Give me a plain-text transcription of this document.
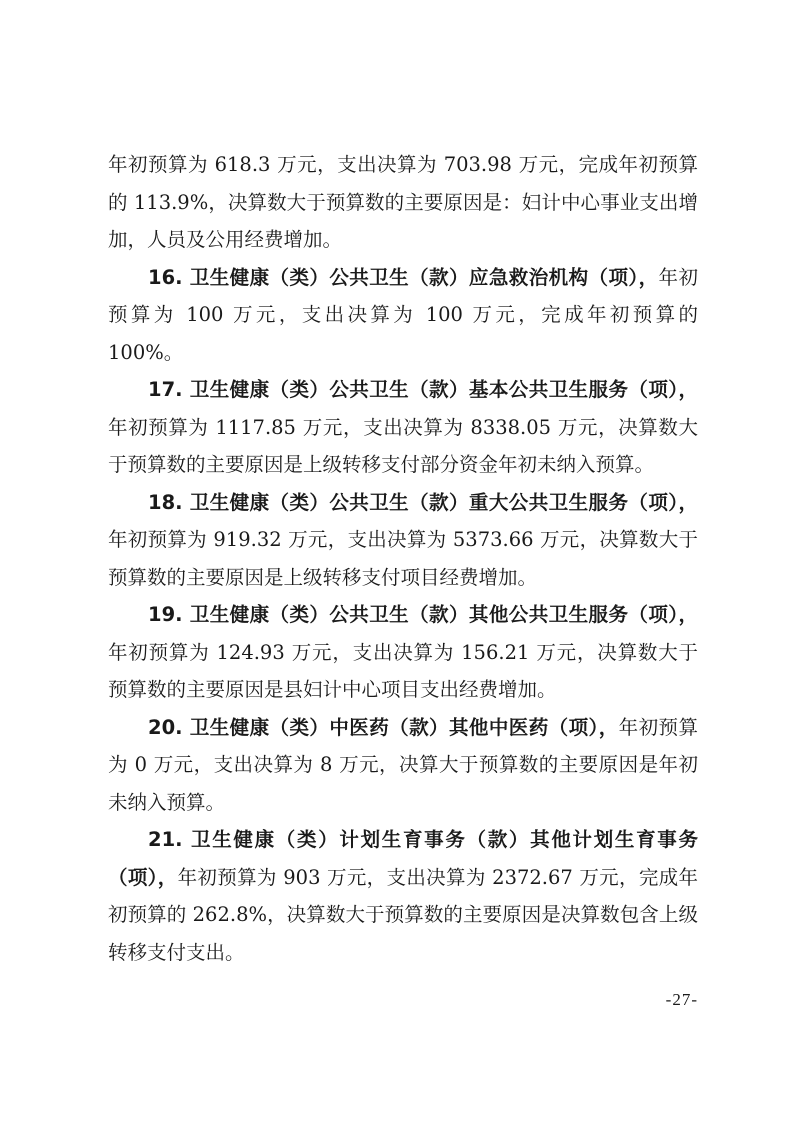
年初预算为 618.3 万元，支出决算为 703.98 万元，完成年初预算的 113.9%，决算数大于预算数的主要原因是：妇计中心事业支出增加，人员及公用经费增加。

16. 卫生健康（类）公共卫生（款）应急救治机构（项），年初预算为 100 万元，支出决算为 100 万元，完成年初预算的 100%。

17. 卫生健康（类）公共卫生（款）基本公共卫生服务（项），年初预算为 1117.85 万元，支出决算为 8338.05 万元，决算数大于预算数的主要原因是上级转移支付部分资金年初未纳入预算。

18. 卫生健康（类）公共卫生（款）重大公共卫生服务（项），年初预算为 919.32 万元，支出决算为 5373.66 万元，决算数大于预算数的主要原因是上级转移支付项目经费增加。

19. 卫生健康（类）公共卫生（款）其他公共卫生服务（项），年初预算为 124.93 万元，支出决算为 156.21 万元，决算数大于预算数的主要原因是县妇计中心项目支出经费增加。

20. 卫生健康（类）中医药（款）其他中医药（项），年初预算为 0 万元，支出决算为 8 万元，决算大于预算数的主要原因是年初未纳入预算。

21. 卫生健康（类）计划生育事务（款）其他计划生育事务（项），年初预算为 903 万元，支出决算为 2372.67 万元，完成年初预算的 262.8%，决算数大于预算数的主要原因是决算数包含上级转移支付支出。

-27-
